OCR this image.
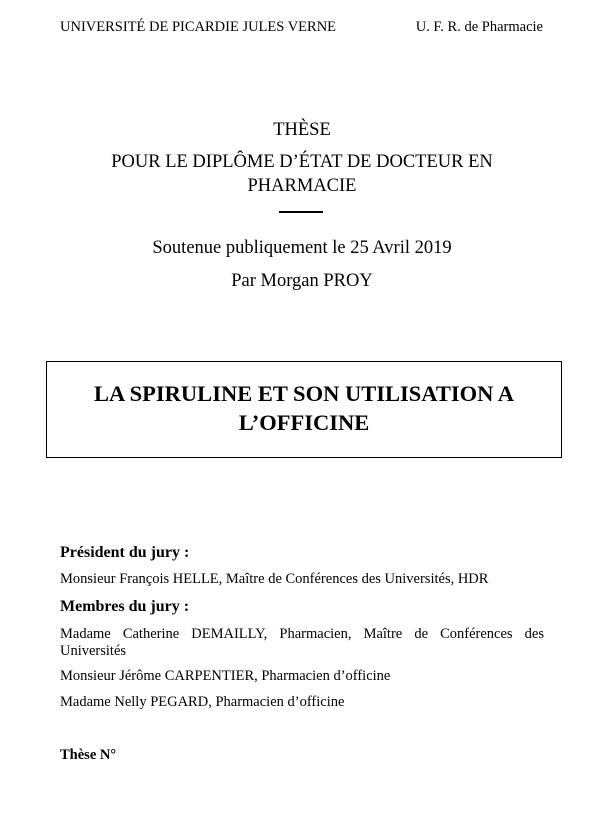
UNIVERSITÉ DE PICARDIE JULES VERNE	U. F. R. de Pharmacie
THÈSE
POUR LE DIPLÔME D’ÉTAT DE DOCTEUR EN PHARMACIE
Soutenue publiquement le 25 Avril 2019
Par Morgan PROY
LA SPIRULINE ET SON UTILISATION A L’OFFICINE
Président du jury :
Monsieur François HELLE, Maître de Conférences des Universités, HDR
Membres du jury :
Madame Catherine DEMAILLY, Pharmacien, Maître de Conférences des Universités
Monsieur Jérôme CARPENTIER, Pharmacien d’officine
Madame Nelly PEGARD, Pharmacien d’officine
Thèse N°
